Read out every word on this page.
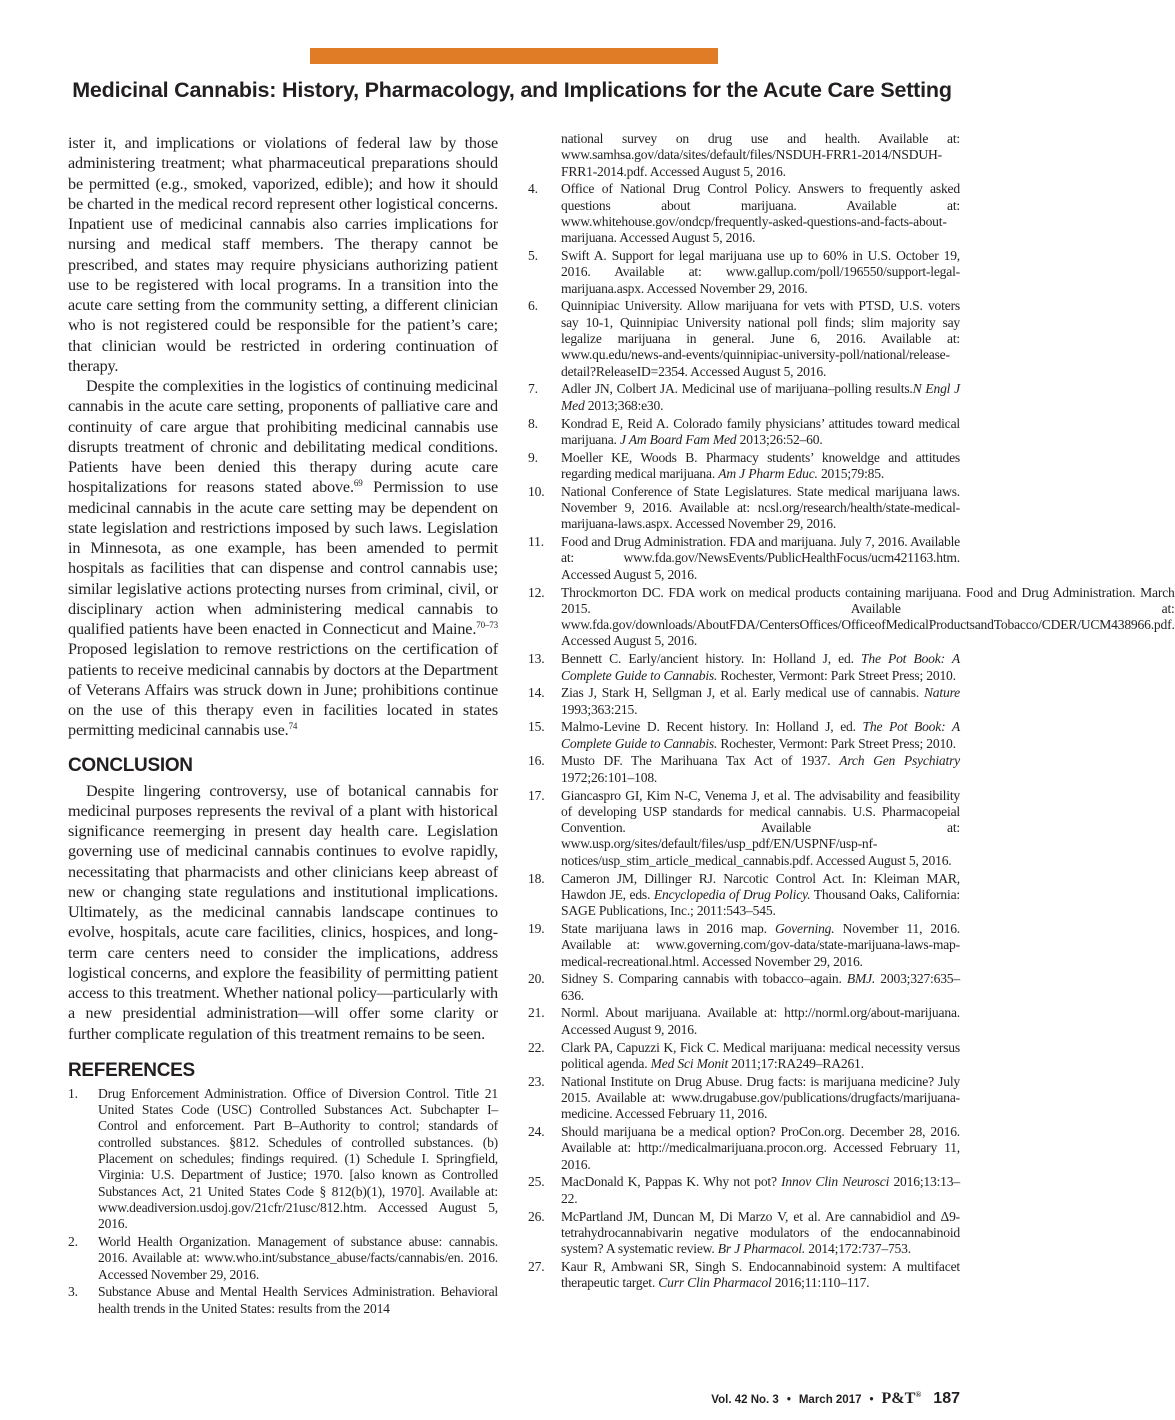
Medicinal Cannabis: History, Pharmacology, and Implications for the Acute Care Setting

ister it, and implications or violations of federal law by those administering treatment; what pharmaceutical preparations should be permitted (e.g., smoked, vaporized, edible); and how it should be charted in the medical record represent other logistical concerns. Inpatient use of medicinal cannabis also carries implications for nursing and medical staff members. The therapy cannot be prescribed, and states may require physicians authorizing patient use to be registered with local programs. In a transition into the acute care setting from the community setting, a different clinician who is not registered could be responsible for the patient’s care; that clinician would be restricted in ordering continuation of therapy.

Despite the complexities in the logistics of continuing medicinal cannabis in the acute care setting, proponents of palliative care and continuity of care argue that prohibiting medicinal cannabis use disrupts treatment of chronic and debilitating medical conditions. Patients have been denied this therapy during acute care hospitalizations for reasons stated above.$^{69}$ Permission to use medicinal cannabis in the acute care setting may be dependent on state legislation and restrictions imposed by such laws. Legislation in Minnesota, as one example, has been amended to permit hospitals as facilities that can dispense and control cannabis use; similar legislative actions protecting nurses from criminal, civil, or disciplinary action when administering medical cannabis to qualified patients have been enacted in Connecticut and Maine.$^{70-73}$ Proposed legislation to remove restrictions on the certification of patients to receive medicinal cannabis by doctors at the Department of Veterans Affairs was struck down in June; prohibitions continue on the use of this therapy even in facilities located in states permitting medicinal cannabis use.$^{74}$

CONCLUSION

Despite lingering controversy, use of botanical cannabis for medicinal purposes represents the revival of a plant with historical significance reemerging in present day health care. Legislation governing use of medicinal cannabis continues to evolve rapidly, necessitating that pharmacists and other clinicians keep abreast of new or changing state regulations and institutional implications. Ultimately, as the medicinal cannabis landscape continues to evolve, hospitals, acute care facilities, clinics, hospices, and long-term care centers need to consider the implications, address logistical concerns, and explore the feasibility of permitting patient access to this treatment. Whether national policy—particularly with a new presidential administration—will offer some clarity or further complicate regulation of this treatment remains to be seen.

REFERENCES
1.	Drug Enforcement Administration. Office of Diversion Control. Title 21 United States Code (USC) Controlled Substances Act. Subchapter I–Control and enforcement. Part B–Authority to control; standards of controlled substances. §812. Schedules of controlled substances. (b) Placement on schedules; findings required. (1) Schedule I. Springfield, Virginia: U.S. Department of Justice; 1970. [also known as Controlled Substances Act, 21 United States Code § 812(b)(1), 1970]. Available at: www.deadiversion.usdoj.gov/21cfr/21usc/812.htm. Accessed August 5, 2016.
2.	World Health Organization. Management of substance abuse: cannabis. 2016. Available at: www.who.int/substance_abuse/facts/cannabis/en. 2016. Accessed November 29, 2016.
3.	Substance Abuse and Mental Health Services Administration. Behavioral health trends in the United States: results from the 2014
national survey on drug use and health. Available at: www.samhsa.gov/data/sites/default/files/NSDUH-FRR1-2014/NSDUH-FRR1-2014.pdf. Accessed August 5, 2016.
4.	Office of National Drug Control Policy. Answers to frequently asked questions about marijuana. Available at: www.whitehouse.gov/ondcp/frequently-asked-questions-and-facts-about-marijuana. Accessed August 5, 2016.
5.	Swift A. Support for legal marijuana use up to 60% in U.S. October 19, 2016. Available at: www.gallup.com/poll/196550/support-legal-marijuana.aspx. Accessed November 29, 2016.
6.	Quinnipiac University. Allow marijuana for vets with PTSD, U.S. voters say 10-1, Quinnipiac University national poll finds; slim majority say legalize marijuana in general. June 6, 2016. Available at: www.qu.edu/news-and-events/quinnipiac-university-poll/national/release-detail?ReleaseID=2354. Accessed August 5, 2016.
7.	Adler JN, Colbert JA. Medicinal use of marijuana–polling results.N Engl J Med 2013;368:e30.
8.	Kondrad E, Reid A. Colorado family physicians’ attitudes toward medical marijuana. J Am Board Fam Med 2013;26:52–60.
9.	Moeller KE, Woods B. Pharmacy students’ knoweldge and attitudes regarding medical marijuana. Am J Pharm Educ. 2015;79:85.
10.	National Conference of State Legislatures. State medical marijuana laws. November 9, 2016. Available at: ncsl.org/research/health/state-medical-marijuana-laws.aspx. Accessed November 29, 2016.
11.	Food and Drug Administration. FDA and marijuana. July 7, 2016. Available at: www.fda.gov/NewsEvents/PublicHealthFocus/ucm421163.htm. Accessed August 5, 2016.
12.	Throckmorton DC. FDA work on medical products containing marijuana. Food and Drug Administration. March 2015. Available at: www.fda.gov/downloads/AboutFDA/CentersOffices/OfficeofMedicalProductsandTobacco/CDER/UCM438966.pdf. Accessed August 5, 2016.
13.	Bennett C. Early/ancient history. In: Holland J, ed. The Pot Book: A Complete Guide to Cannabis. Rochester, Vermont: Park Street Press; 2010.
14.	Zias J, Stark H, Sellgman J, et al. Early medical use of cannabis. Nature 1993;363:215.
15.	Malmo-Levine D. Recent history. In: Holland J, ed. The Pot Book: A Complete Guide to Cannabis. Rochester, Vermont: Park Street Press; 2010.
16.	Musto DF. The Marihuana Tax Act of 1937. Arch Gen Psychiatry 1972;26:101–108.
17.	Giancaspro GI, Kim N-C, Venema J, et al. The advisability and feasibility of developing USP standards for medical cannabis. U.S. Pharmacopeial Convention. Available at: www.usp.org/sites/default/files/usp_pdf/EN/USPNF/usp-nf-notices/usp_stim_article_medical_cannabis.pdf. Accessed August 5, 2016.
18.	Cameron JM, Dillinger RJ. Narcotic Control Act. In: Kleiman MAR, Hawdon JE, eds. Encyclopedia of Drug Policy. Thousand Oaks, California: SAGE Publications, Inc.; 2011:543–545.
19.	State marijuana laws in 2016 map. Governing. November 11, 2016. Available at: www.governing.com/gov-data/state-marijuana-laws-map-medical-recreational.html. Accessed November 29, 2016.
20.	Sidney S. Comparing cannabis with tobacco–again. BMJ. 2003;327:635–636.
21.	Norml. About marijuana. Available at: http://norml.org/about-marijuana. Accessed August 9, 2016.
22.	Clark PA, Capuzzi K, Fick C. Medical marijuana: medical necessity versus political agenda. Med Sci Monit 2011;17:RA249–RA261.
23.	National Institute on Drug Abuse. Drug facts: is marijuana medicine? July 2015. Available at: www.drugabuse.gov/publications/drugfacts/marijuana-medicine. Accessed February 11, 2016.
24.	Should marijuana be a medical option? ProCon.org. December 28, 2016. Available at: http://medicalmarijuana.procon.org. Accessed February 11, 2016.
25.	MacDonald K, Pappas K. Why not pot? Innov Clin Neurosci 2016;13:13–22.
26.	McPartland JM, Duncan M, Di Marzo V, et al. Are cannabidiol and Δ9-tetrahydrocannabivarin negative modulators of the endocannabinoid system? A systematic review. Br J Pharmacol. 2014;172:737–753.
27.	Kaur R, Ambwani SR, Singh S. Endocannabinoid system: A multifacet therapeutic target. Curr Clin Pharmacol 2016;11:110–117.
Vol. 42 No. 3 • March 2017 • P&T® 187
